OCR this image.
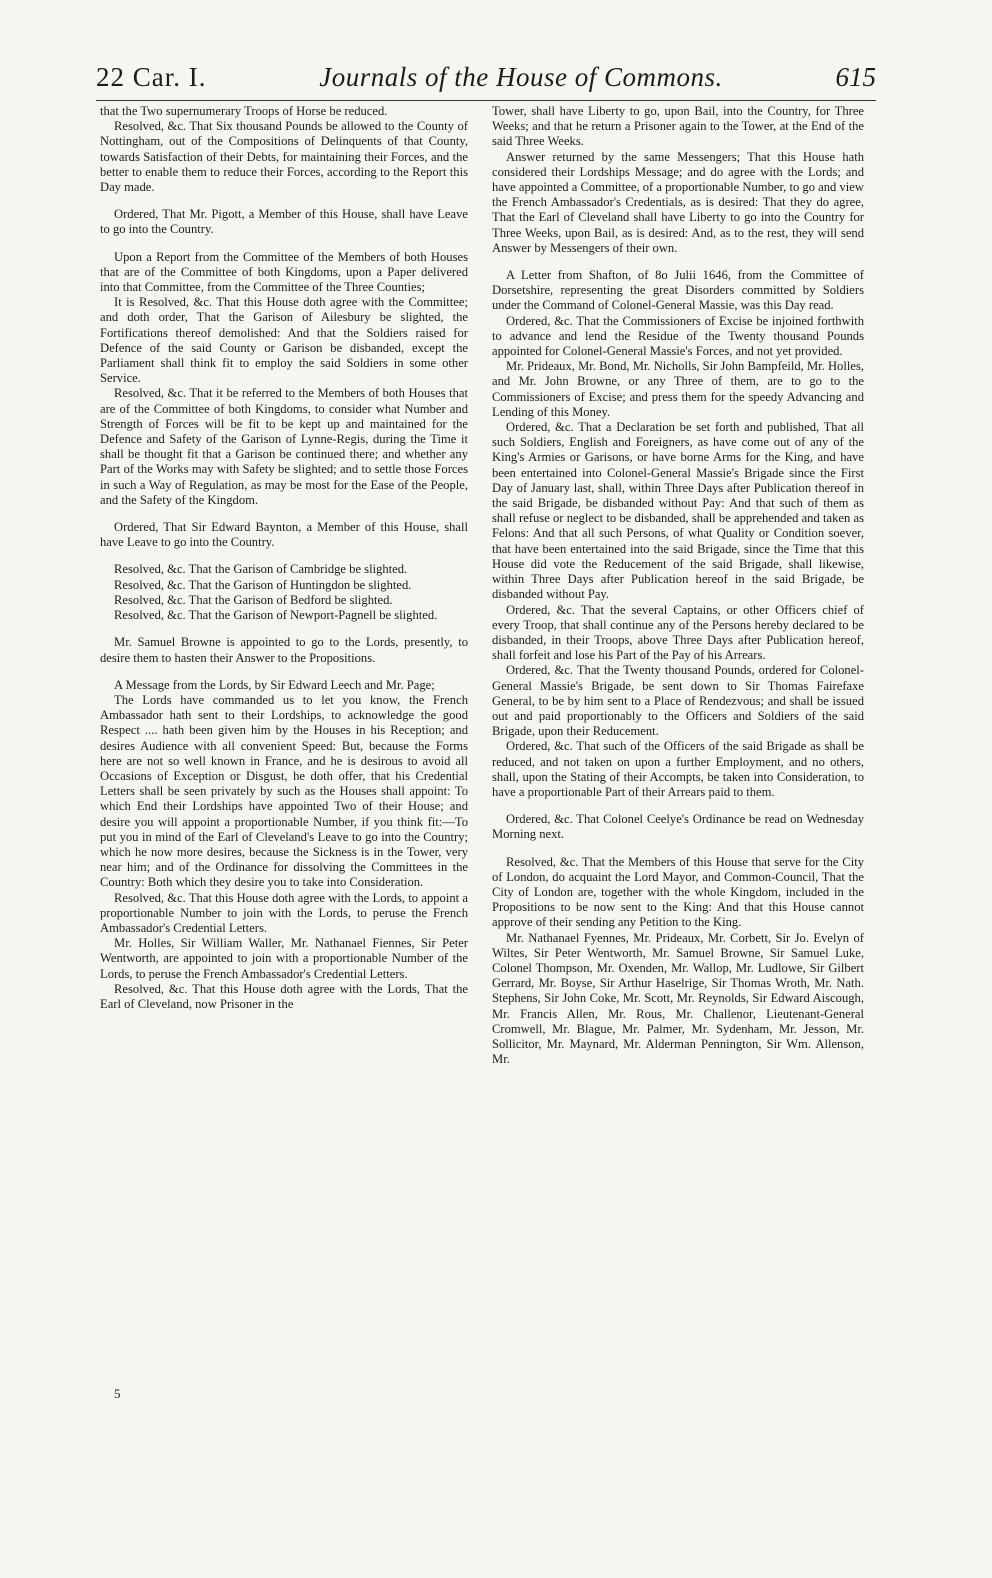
22 Car. I.	Journals of the House of Commons.	615

that the Two supernumerary Troops of Horse be reduced.

Resolved, &c. That Six thousand Pounds be allowed to the County of Nottingham, out of the Compositions of Delinquents of that County, towards Satisfaction of their Debts, for maintaining their Forces, and the better to enable them to reduce their Forces, according to the Report this Day made.

Ordered, That Mr. Pigott, a Member of this House, shall have Leave to go into the Country.

Upon a Report from the Committee of the Members of both Houses that are of the Committee of both Kingdoms, upon a Paper delivered into that Committee, from the Committee of the Three Counties;

It is Resolved, &c. That this House doth agree with the Committee; and doth order, That the Garison of Ailesbury be slighted, the Fortifications thereof demolished: And that the Soldiers raised for Defence of the said County or Garison be disbanded, except the Parliament shall think fit to employ the said Soldiers in some other Service.

Resolved, &c. That it be referred to the Members of both Houses that are of the Committee of both Kingdoms, to consider what Number and Strength of Forces will be fit to be kept up and maintained for the Defence and Safety of the Garison of Lynne-Regis, during the Time it shall be thought fit that a Garison be continued there; and whether any Part of the Works may with Safety be slighted; and to settle those Forces in such a Way of Regulation, as may be most for the Ease of the People, and the Safety of the Kingdom.

Ordered, That Sir Edward Baynton, a Member of this House, shall have Leave to go into the Country.

Resolved, &c. That the Garison of Cambridge be slighted.

Resolved, &c. That the Garison of Huntingdon be slighted.

Resolved, &c. That the Garison of Bedford be slighted.

Resolved, &c. That the Garison of Newport-Pagnell be slighted.

Mr. Samuel Browne is appointed to go to the Lords, presently, to desire them to hasten their Answer to the Propositions.

A Message from the Lords, by Sir Edward Leech and Mr. Page;

The Lords have commanded us to let you know, the French Ambassador hath sent to their Lordships, to acknowledge the good Respect .... hath been given him by the Houses in his Reception; and desires Audience with all convenient Speed: But, because the Forms here are not so well known in France, and he is desirous to avoid all Occasions of Exception or Disgust, he doth offer, that his Credential Letters shall be seen privately by such as the Houses shall appoint: To which End their Lordships have appointed Two of their House; and desire you will appoint a proportionable Number, if you think fit:—To put you in mind of the Earl of Cleveland's Leave to go into the Country; which he now more desires, because the Sickness is in the Tower, very near him; and of the Ordinance for dissolving the Committees in the Country: Both which they desire you to take into Consideration.

Resolved, &c. That this House doth agree with the Lords, to appoint a proportionable Number to join with the Lords, to peruse the French Ambassador's Credential Letters.

Mr. Holles, Sir William Waller, Mr. Nathanael Fiennes, Sir Peter Wentworth, are appointed to join with a proportionable Number of the Lords, to peruse the French Ambassador's Credential Letters.

Resolved, &c. That this House doth agree with the Lords, That the Earl of Cleveland, now Prisoner in the

Tower, shall have Liberty to go, upon Bail, into the Country, for Three Weeks; and that he return a Prisoner again to the Tower, at the End of the said Three Weeks.

Answer returned by the same Messengers; That this House hath considered their Lordships Message; and do agree with the Lords; and have appointed a Committee, of a proportionable Number, to go and view the French Ambassador's Credentials, as is desired: That they do agree, That the Earl of Cleveland shall have Liberty to go into the Country for Three Weeks, upon Bail, as is desired: And, as to the rest, they will send Answer by Messengers of their own.

A Letter from Shafton, of 8o Julii 1646, from the Committee of Dorsetshire, representing the great Disorders committed by Soldiers under the Command of Colonel-General Massie, was this Day read.

Ordered, &c. That the Commissioners of Excise be injoined forthwith to advance and lend the Residue of the Twenty thousand Pounds appointed for Colonel-General Massie's Forces, and not yet provided.

Mr. Prideaux, Mr. Bond, Mr. Nicholls, Sir John Bampfeild, Mr. Holles, and Mr. John Browne, or any Three of them, are to go to the Commissioners of Excise; and press them for the speedy Advancing and Lending of this Money.

Ordered, &c. That a Declaration be set forth and published, That all such Soldiers, English and Foreigners, as have come out of any of the King's Armies or Garisons, or have borne Arms for the King, and have been entertained into Colonel-General Massie's Brigade since the First Day of January last, shall, within Three Days after Publication thereof in the said Brigade, be disbanded without Pay: And that such of them as shall refuse or neglect to be disbanded, shall be apprehended and taken as Felons: And that all such Persons, of what Quality or Condition soever, that have been entertained into the said Brigade, since the Time that this House did vote the Reducement of the said Brigade, shall likewise, within Three Days after Publication hereof in the said Brigade, be disbanded without Pay.

Ordered, &c. That the several Captains, or other Officers chief of every Troop, that shall continue any of the Persons hereby declared to be disbanded, in their Troops, above Three Days after Publication hereof, shall forfeit and lose his Part of the Pay of his Arrears.

Ordered, &c. That the Twenty thousand Pounds, ordered for Colonel-General Massie's Brigade, be sent down to Sir Thomas Fairefaxe General, to be by him sent to a Place of Rendezvous; and shall be issued out and paid proportionably to the Officers and Soldiers of the said Brigade, upon their Reducement.

Ordered, &c. That such of the Officers of the said Brigade as shall be reduced, and not taken on upon a further Employment, and no others, shall, upon the Stating of their Accompts, be taken into Consideration, to have a proportionable Part of their Arrears paid to them.

Ordered, &c. That Colonel Ceelye's Ordinance be read on Wednesday Morning next.

Resolved, &c. That the Members of this House that serve for the City of London, do acquaint the Lord Mayor, and Common-Council, That the City of London are, together with the whole Kingdom, included in the Propositions to be now sent to the King: And that this House cannot approve of their sending any Petition to the King.

Mr. Nathanael Fyennes, Mr. Prideaux, Mr. Corbett, Sir Jo. Evelyn of Wiltes, Sir Peter Wentworth, Mr. Samuel Browne, Sir Samuel Luke, Colonel Thompson, Mr. Oxenden, Mr. Wallop, Mr. Ludlowe, Sir Gilbert Gerrard, Mr. Boyse, Sir Arthur Haselrige, Sir Thomas Wroth, Mr. Nath. Stephens, Sir John Coke, Mr. Scott, Mr. Reynolds, Sir Edward Aiscough, Mr. Francis Allen, Mr. Rous, Mr. Challenor, Lieutenant-General Cromwell, Mr. Blague, Mr. Palmer, Mr. Sydenham, Mr. Jesson, Mr. Sollicitor, Mr. Maynard, Mr. Alderman Pennington, Sir Wm. Allenson, Mr.

5
